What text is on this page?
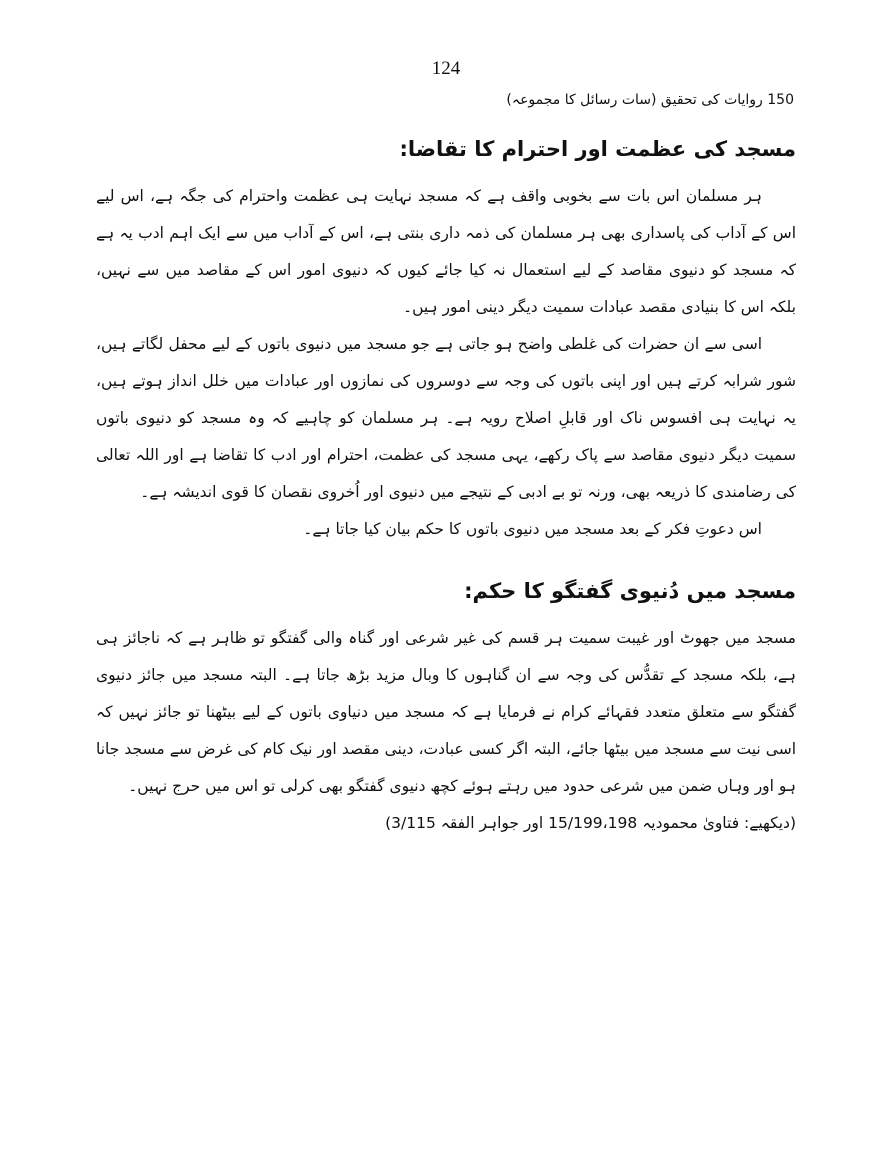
124
150 روایات کی تحقیق (سات رسائل کا مجموعہ)
مسجد کی عظمت اور احترام کا تقاضا:

ہر مسلمان اس بات سے بخوبی واقف ہے کہ مسجد نہایت ہی عظمت واحترام کی جگہ ہے، اس لیے اس کے آداب کی پاسداری بھی ہر مسلمان کی ذمہ داری بنتی ہے، اس کے آداب میں سے ایک اہم ادب یہ ہے کہ مسجد کو دنیوی مقاصد کے لیے استعمال نہ کیا جائے کیوں کہ دنیوی امور اس کے مقاصد میں سے نہیں، بلکہ اس کا بنیادی مقصد عبادات سمیت دیگر دینی امور ہیں۔

اسی سے ان حضرات کی غلطی واضح ہو جاتی ہے جو مسجد میں دنیوی باتوں کے لیے محفل لگاتے ہیں، شور شرابہ کرتے ہیں اور اپنی باتوں کی وجہ سے دوسروں کی نمازوں اور عبادات میں خلل انداز ہوتے ہیں، یہ نہایت ہی افسوس ناک اور قابلِ اصلاح رویہ ہے۔ ہر مسلمان کو چاہیے کہ وہ مسجد کو دنیوی باتوں سمیت دیگر دنیوی مقاصد سے پاک رکھے، یہی مسجد کی عظمت، احترام اور ادب کا تقاضا ہے اور اللہ تعالی کی رضامندی کا ذریعہ بھی، ورنہ تو بے ادبی کے نتیجے میں دنیوی اور اُخروی نقصان کا قوی اندیشہ ہے۔

اس دعوتِ فکر کے بعد مسجد میں دنیوی باتوں کا حکم بیان کیا جاتا ہے۔

مسجد میں دُنیوی گفتگو کا حکم:

مسجد میں جھوٹ اور غیبت سمیت ہر قسم کی غیر شرعی اور گناہ والی گفتگو تو ظاہر ہے کہ ناجائز ہی ہے، بلکہ مسجد کے تقدُّس کی وجہ سے ان گناہوں کا وبال مزید بڑھ جاتا ہے۔ البتہ مسجد میں جائز دنیوی گفتگو سے متعلق متعدد فقہائے کرام نے فرمایا ہے کہ مسجد میں دنیاوی باتوں کے لیے بیٹھنا تو جائز نہیں کہ اسی نیت سے مسجد میں بیٹھا جائے، البتہ اگر کسی عبادت، دینی مقصد اور نیک کام کی غرض سے مسجد جانا ہو اور وہاں ضمن میں شرعی حدود میں رہتے ہوئے کچھ دنیوی گفتگو بھی کرلی تو اس میں حرج نہیں۔

(دیکھیے: فتاویٰ محمودیہ 15/199،198 اور جواہر الفقہ 3/115)
